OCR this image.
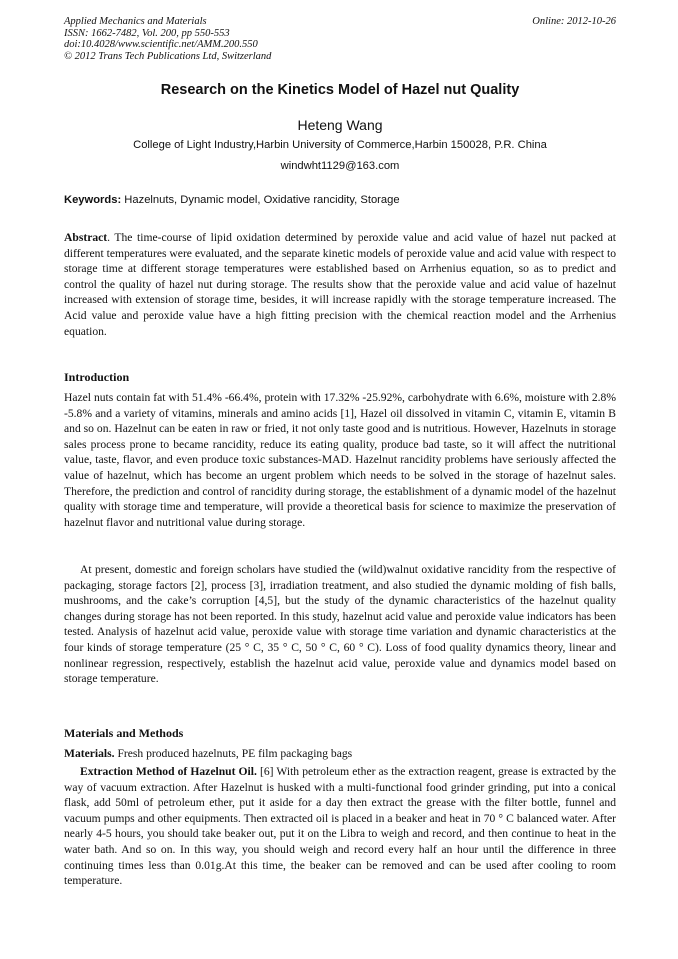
Applied Mechanics and Materials
ISSN: 1662-7482, Vol. 200, pp 550-553
doi:10.4028/www.scientific.net/AMM.200.550
© 2012 Trans Tech Publications Ltd, Switzerland
Online: 2012-10-26
Research on the Kinetics Model of Hazel nut Quality
Heteng Wang
College of Light Industry,Harbin University of Commerce,Harbin 150028, P.R. China
windwht1129@163.com
Keywords: Hazelnuts, Dynamic model, Oxidative rancidity, Storage

Abstract. The time-course of lipid oxidation determined by peroxide value and acid value of hazel nut packed at different temperatures were evaluated, and the separate kinetic models of peroxide value and acid value with respect to storage time at different storage temperatures were established based on Arrhenius equation, so as to predict and control the quality of hazel nut during storage. The results show that the peroxide value and acid value of hazelnut increased with extension of storage time, besides, it will increase rapidly with the storage temperature increased. The Acid value and peroxide value have a high fitting precision with the chemical reaction model and the Arrhenius equation.

Introduction

Hazel nuts contain fat with 51.4% -66.4%, protein with 17.32% -25.92%, carbohydrate with 6.6%, moisture with 2.8% -5.8% and a variety of vitamins, minerals and amino acids [1], Hazel oil dissolved in vitamin C, vitamin E, vitamin B and so on. Hazelnut can be eaten in raw or fried, it not only taste good and is nutritious. However, Hazelnuts in storage sales process prone to became rancidity, reduce its eating quality, produce bad taste, so it will affect the nutritional value, taste, flavor, and even produce toxic substances-MAD. Hazelnut rancidity problems have seriously affected the value of hazelnut, which has become an urgent problem which needs to be solved in the storage of hazelnut sales. Therefore, the prediction and control of rancidity during storage, the establishment of a dynamic model of the hazelnut quality with storage time and temperature, will provide a theoretical basis for science to maximize the preservation of hazelnut flavor and nutritional value during storage.

At present, domestic and foreign scholars have studied the (wild)walnut oxidative rancidity from the respective of packaging, storage factors [2], process [3], irradiation treatment, and also studied the dynamic molding of fish balls, mushrooms, and the cake’s corruption [4,5], but the study of the dynamic characteristics of the hazelnut quality changes during storage has not been reported. In this study, hazelnut acid value and peroxide value indicators has been tested. Analysis of hazelnut acid value, peroxide value with storage time variation and dynamic characteristics at the four kinds of storage temperature (25 ° C, 35 ° C, 50 ° C, 60 ° C). Loss of food quality dynamics theory, linear and nonlinear regression, respectively, establish the hazelnut acid value, peroxide value and dynamics model based on storage temperature.

Materials and Methods

Materials. Fresh produced hazelnuts, PE film packaging bags

Extraction Method of Hazelnut Oil. [6] With petroleum ether as the extraction reagent, grease is extracted by the way of vacuum extraction. After Hazelnut is husked with a multi-functional food grinder grinding, put into a conical flask, add 50ml of petroleum ether, put it aside for a day then extract the grease with the filter bottle, funnel and vacuum pumps and other equipments. Then extracted oil is placed in a beaker and heat in 70 ° C balanced water. After nearly 4-5 hours, you should take beaker out, put it on the Libra to weigh and record, and then continue to heat in the water bath. And so on. In this way, you should weigh and record every half an hour until the difference in three continuing times less than 0.01g.At this time, the beaker can be removed and can be used after cooling to room temperature.
